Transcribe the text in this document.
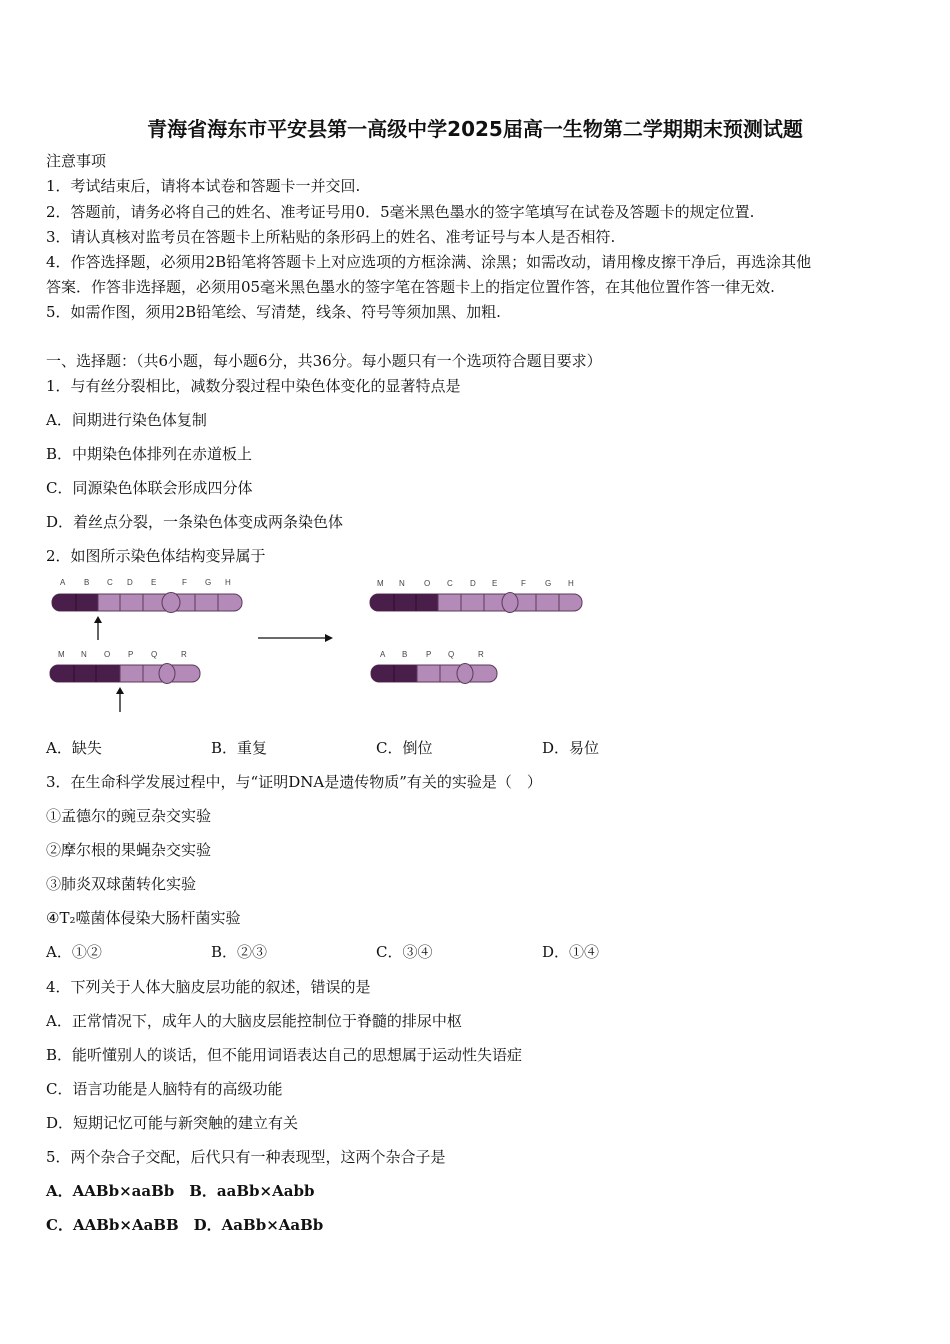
青海省海东市平安县第一高级中学2025届高一生物第二学期期末预测试题
注意事项
1．考试结束后，请将本试卷和答题卡一并交回.
2．答题前，请务必将自己的姓名、准考证号用0．5毫米黑色墨水的签字笔填写在试卷及答题卡的规定位置.
3．请认真核对监考员在答题卡上所粘贴的条形码上的姓名、准考证号与本人是否相符.
4．作答选择题，必须用2B铅笔将答题卡上对应选项的方框涂满、涂黑；如需改动，请用橡皮擦干净后，再选涂其他
答案．作答非选择题，必须用05毫米黑色墨水的签字笔在答题卡上的指定位置作答，在其他位置作答一律无效.
5．如需作图，须用2B铅笔绘、写清楚，线条、符号等须加黑、加粗.
一、选择题：（共6小题，每小题6分，共36分。每小题只有一个选项符合题目要求）
1．与有丝分裂相比，减数分裂过程中染色体变化的显著特点是
A．间期进行染色体复制
B．中期染色体排列在赤道板上
C．同源染色体联会形成四分体
D．着丝点分裂，一条染色体变成两条染色体
2．如图所示染色体结构变异属于
A B C D E	F G H
M N O P Q	R
M N O C D E	F G H
A B P Q	R
A．缺失	B．重复	C．倒位	D．易位
3．在生命科学发展过程中，与“证明DNA是遗传物质”有关的实验是（　）
①孟德尔的豌豆杂交实验
②摩尔根的果蝇杂交实验
③肺炎双球菌转化实验
④T₂噬菌体侵染大肠杆菌实验
A．①②	B．②③	C．③④	D．①④
4．下列关于人体大脑皮层功能的叙述，错误的是
A．正常情况下，成年人的大脑皮层能控制位于脊髓的排尿中枢
B．能听懂别人的谈话，但不能用词语表达自己的思想属于运动性失语症
C．语言功能是人脑特有的高级功能
D．短期记忆可能与新突触的建立有关
5．两个杂合子交配，后代只有一种表现型，这两个杂合子是
A．AABb×aaBb　B．aaBb×Aabb
C．AABb×AaBB　D．AaBb×AaBb
